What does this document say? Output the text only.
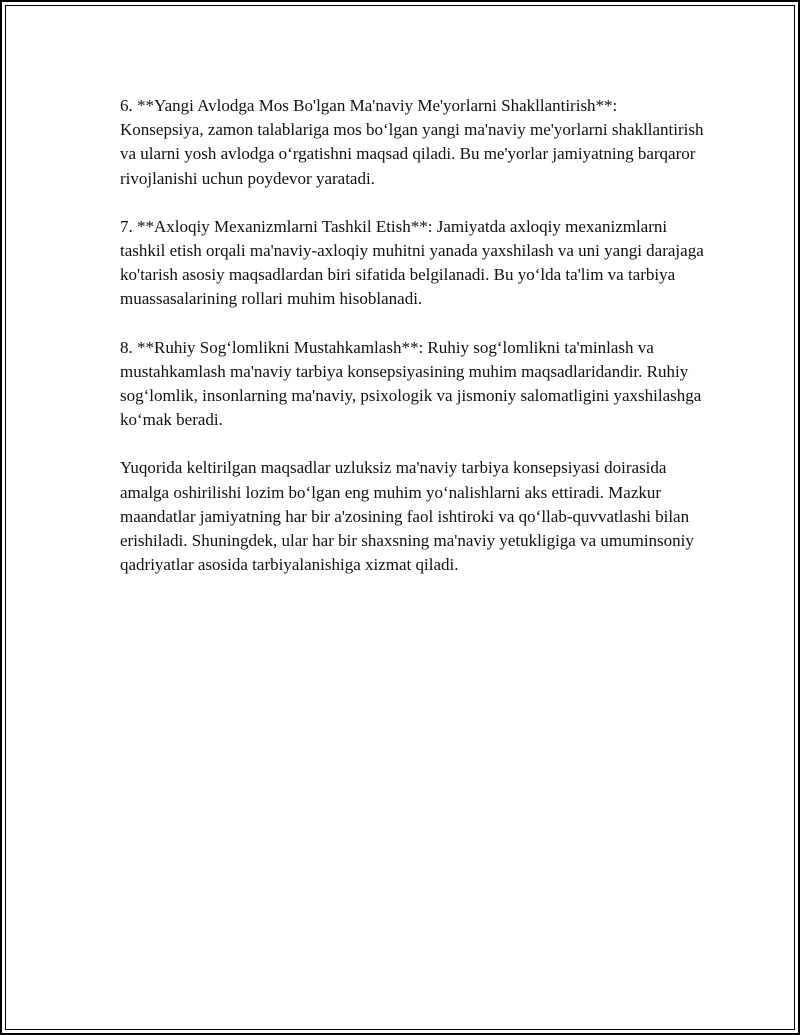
6. **Yangi Avlodga Mos Bo'lgan Ma'naviy Me'yorlarni Shakllantirish**: Konsepsiya, zamon talablariga mos bo‘lgan yangi ma'naviy me'yorlarni shakllantirish va ularni yosh avlodga o‘rgatishni maqsad qiladi. Bu me'yorlar jamiyatning barqaror rivojlanishi uchun poydevor yaratadi.

7. **Axloqiy Mexanizmlarni Tashkil Etish**: Jamiyatda axloqiy mexanizmlarni tashkil etish orqali ma'naviy-axloqiy muhitni yanada yaxshilash va uni yangi darajaga ko'tarish asosiy maqsadlardan biri sifatida belgilanadi. Bu yo‘lda ta'lim va tarbiya muassasalarining rollari muhim hisoblanadi.

8. **Ruhiy Sog‘lomlikni Mustahkamlash**: Ruhiy sog‘lomlikni ta'minlash va mustahkamlash ma'naviy tarbiya konsepsiyasining muhim maqsadlaridandir. Ruhiy sog‘lomlik, insonlarning ma'naviy, psixologik va jismoniy salomatligini yaxshilashga ko‘mak beradi.

Yuqorida keltirilgan maqsadlar uzluksiz ma'naviy tarbiya konsepsiyasi doirasida amalga oshirilishi lozim bo‘lgan eng muhim yo‘nalishlarni aks ettiradi. Mazkur maandatlar jamiyatning har bir a'zosining faol ishtiroki va qo‘llab-quvvatlashi bilan erishiladi. Shuningdek, ular har bir shaxsning ma'naviy yetukligiga va umuminsoniy qadriyatlar asosida tarbiyalanishiga xizmat qiladi.
